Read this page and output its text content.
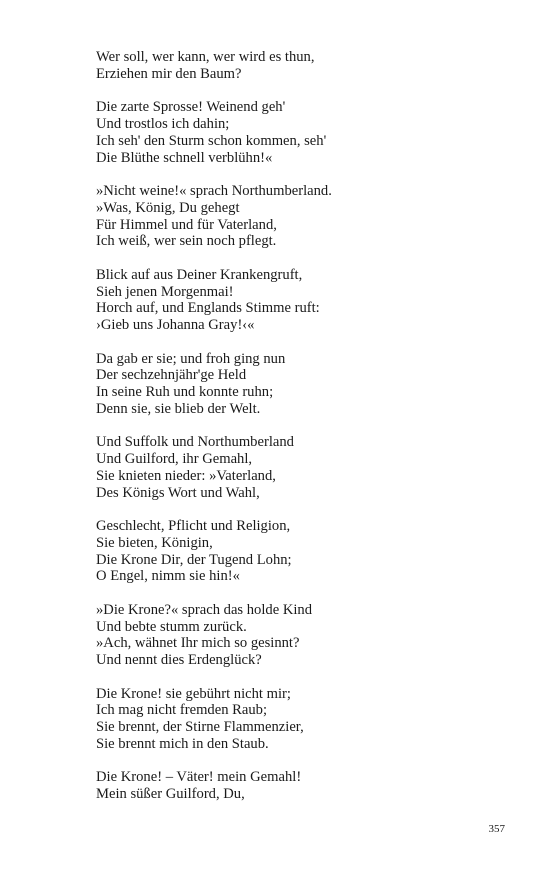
Wer soll, wer kann, wer wird es thun,
Erziehen mir den Baum?
Die zarte Sprosse! Weinend geh'
Und trostlos ich dahin;
Ich seh' den Sturm schon kommen, seh'
Die Blüthe schnell verblühn!«
»Nicht weine!« sprach Northumberland.
»Was, König, Du gehegt
Für Himmel und für Vaterland,
Ich weiß, wer sein noch pflegt.
Blick auf aus Deiner Krankengruft,
Sieh jenen Morgenmai!
Horch auf, und Englands Stimme ruft:
›Gieb uns Johanna Gray!‹«
Da gab er sie; und froh ging nun
Der sechzehnjähr'ge Held
In seine Ruh und konnte ruhn;
Denn sie, sie blieb der Welt.
Und Suffolk und Northumberland
Und Guilford, ihr Gemahl,
Sie knieten nieder: »Vaterland,
Des Königs Wort und Wahl,
Geschlecht, Pflicht und Religion,
Sie bieten, Königin,
Die Krone Dir, der Tugend Lohn;
O Engel, nimm sie hin!«
»Die Krone?« sprach das holde Kind
Und bebte stumm zurück.
»Ach, wähnet Ihr mich so gesinnt?
Und nennt dies Erdenglück?
Die Krone! sie gebührt nicht mir;
Ich mag nicht fremden Raub;
Sie brennt, der Stirne Flammenzier,
Sie brennt mich in den Staub.
Die Krone! – Väter! mein Gemahl!
Mein süßer Guilford, Du,
357
